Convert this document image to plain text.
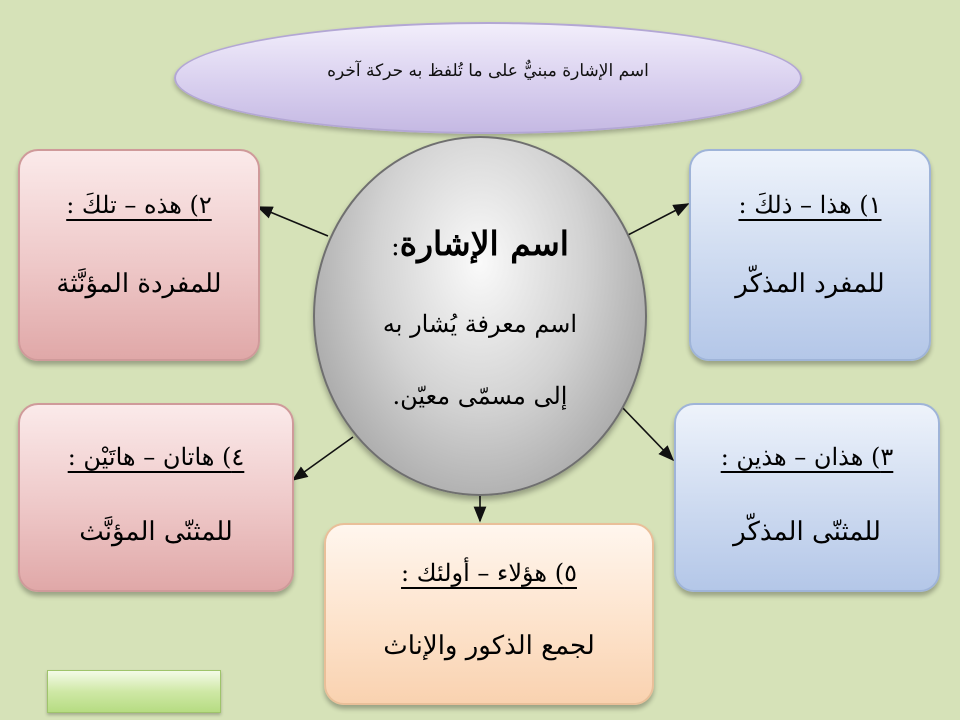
اسم الإشارة مبنيٌّ على ما تُلفظ به حركة آخره
اسم الإشارة:
اسم معرفة يُشار به
إلى مسمّى معيّن.
١) هذا – ذلكَ :
للمفرد المذكّر
٢) هذه – تلكَ :
للمفردة المؤنَّثة
٣) هذان – هذين :
للمثنّى المذكّر
٤) هاتان – هاتَيْن :
للمثنّى المؤنَّث
٥) هؤلاء – أولئك :
لجمع الذكور والإناث
